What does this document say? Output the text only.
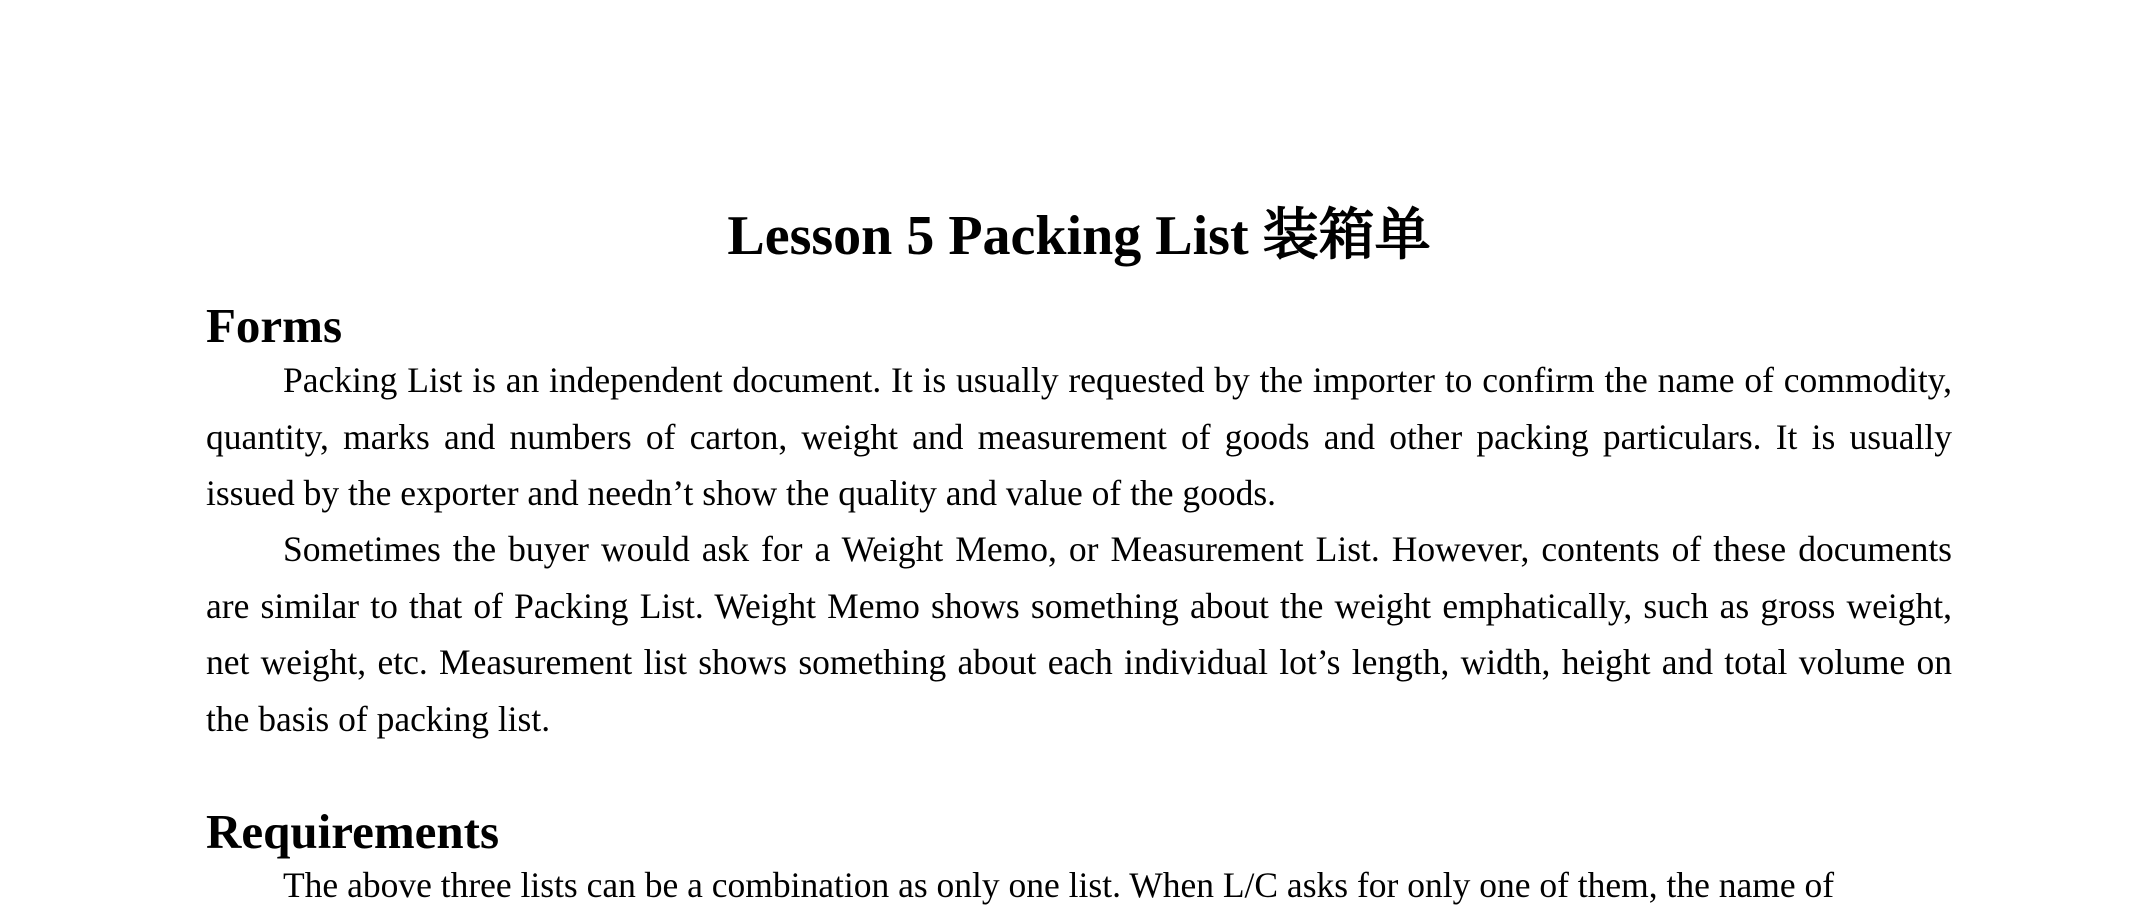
Lesson 5 Packing List 装箱单
Forms

Packing List is an independent document. It is usually requested by the importer to confirm the name of commodity, quantity, marks and numbers of carton, weight and measurement of goods and other packing particulars. It is usually issued by the exporter and needn’t show the quality and value of the goods.

Sometimes the buyer would ask for a Weight Memo, or Measurement List. However, contents of these documents are similar to that of Packing List. Weight Memo shows something about the weight emphatically, such as gross weight, net weight, etc. Measurement list shows something about each individual lot’s length, width, height and total volume on the basis of packing list.

Requirements

The above three lists can be a combination as only one list. When L/C asks for only one of them, the name of
